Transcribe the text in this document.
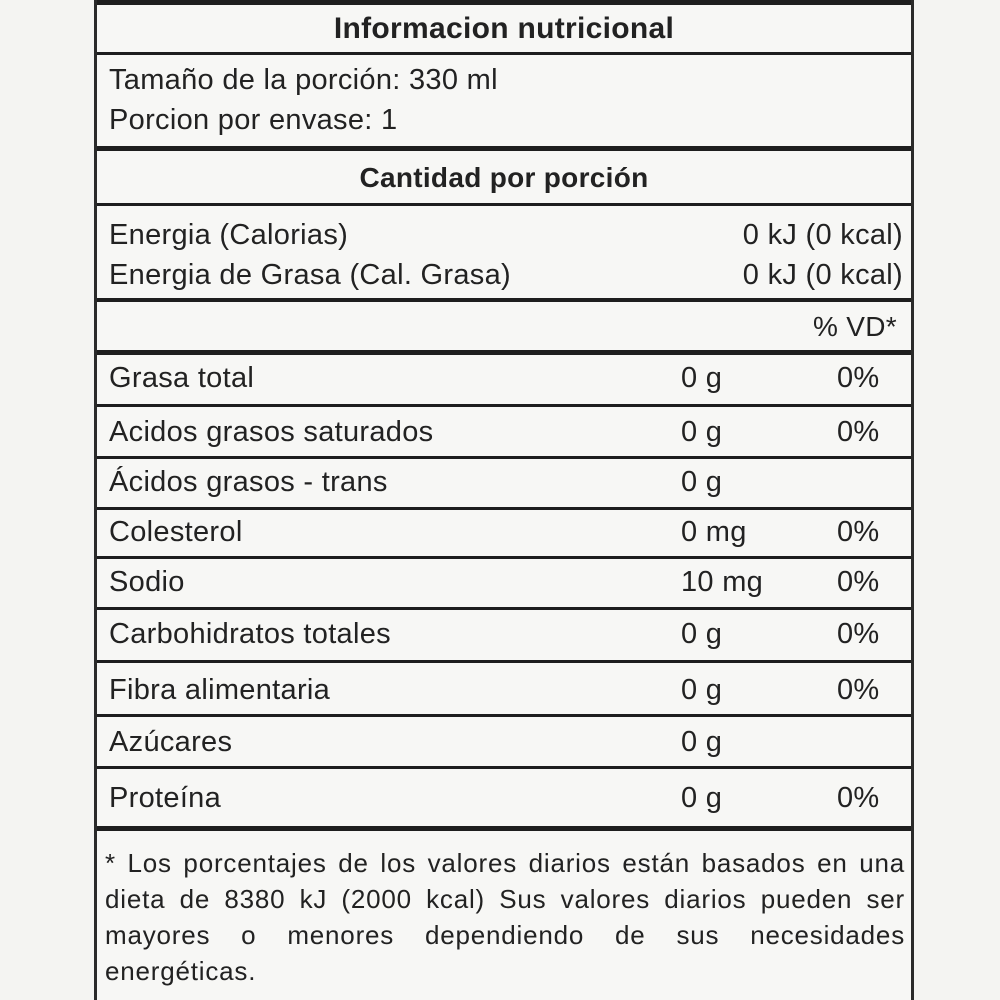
Informacion nutricional
Tamaño de la porción: 330 ml
Porcion por envase: 1
Cantidad por porción
Energia (Calorias)	0 kJ (0 kcal)
Energia de Grasa (Cal. Grasa)	0 kJ (0 kcal)
% VD*
Grasa total	0 g	0%
Acidos grasos saturados	0 g	0%
Ácidos grasos - trans	0 g
Colesterol	0 mg	0%
Sodio	10 mg	0%
Carbohidratos totales	0 g	0%
Fibra alimentaria	0 g	0%
Azúcares	0 g
Proteína	0 g	0%
* Los porcentajes de los valores diarios están basados en una dieta de 8380 kJ (2000 kcal) Sus valores diarios pueden ser mayores o menores dependiendo de sus necesidades energéticas.
